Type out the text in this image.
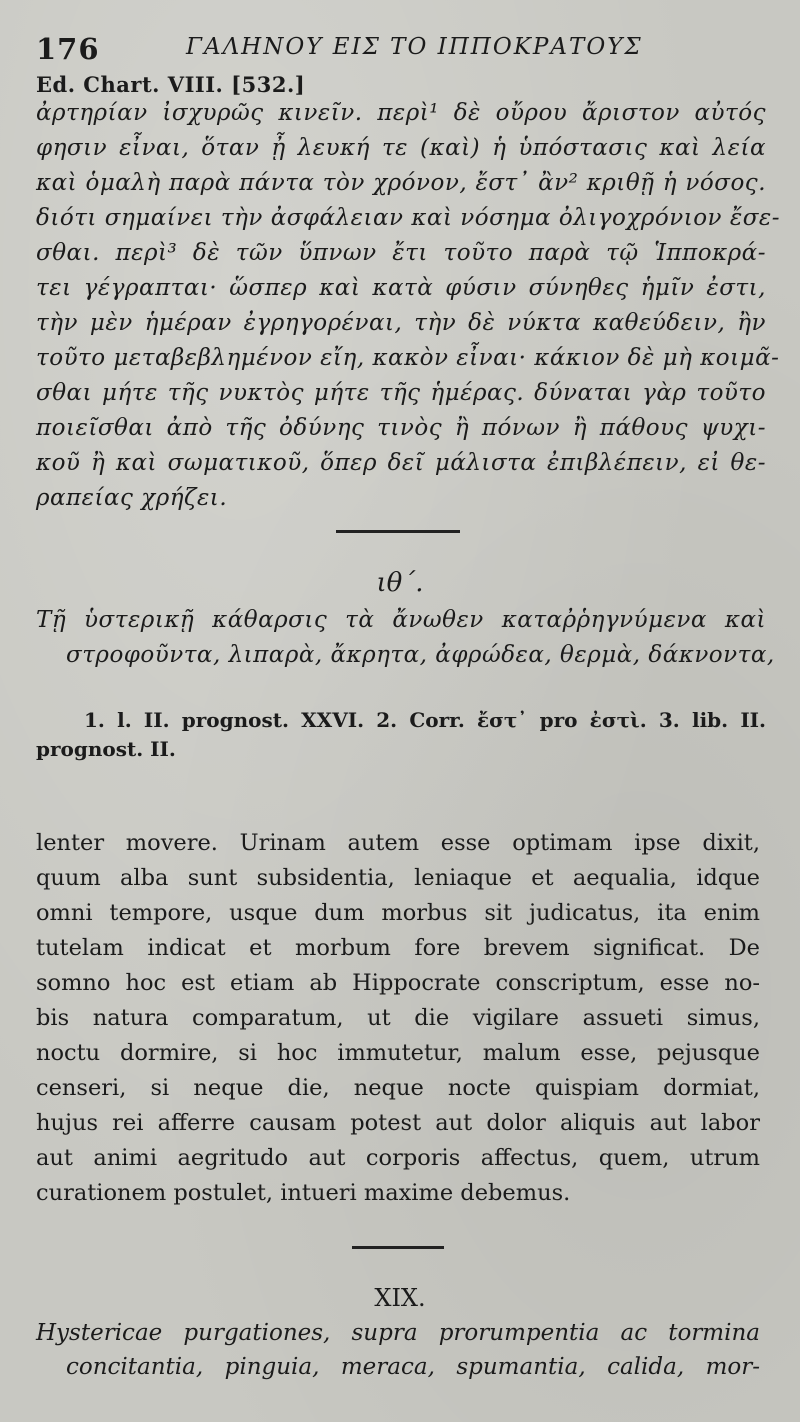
176	ΓΑΛΗΝΟΥ ΕΙΣ ΤΟ ΙΠΠΟΚΡΑΤΟΥΣ
Ed. Chart. VIII. [532.]
ἀρτηρίαν ἰσχυρῶς κινεῖν. περὶ¹ δὲ οὔρου ἄριστον αὐτός
φησιν εἶναι, ὅταν ᾖ λευκή τε (καὶ) ἡ ὑπόστασις καὶ λεία
καὶ ὁμαλὴ παρὰ πάντα τὸν χρόνον, ἔστ᾽ ἂν² κριθῇ ἡ νόσος.
διότι σημαίνει τὴν ἀσφάλειαν καὶ νόσημα ὀλιγοχρόνιον ἔσε-
σθαι. περὶ³ δὲ τῶν ὕπνων ἔτι τοῦτο παρὰ τῷ Ἱπποκρά-
τει γέγραπται· ὥσπερ καὶ κατὰ φύσιν σύνηθες ἡμῖν ἐστι,
τὴν μὲν ἡμέραν ἐγρηγορέναι, τὴν δὲ νύκτα καθεύδειν, ἢν
τοῦτο μεταβεβλημένον εἴη, κακὸν εἶναι· κάκιον δὲ μὴ κοιμᾶ-
σθαι μήτε τῆς νυκτὸς μήτε τῆς ἡμέρας. δύναται γὰρ τοῦτο
ποιεῖσθαι ἀπὸ τῆς ὀδύνης τινὸς ἢ πόνων ἢ πάθους ψυχι-
κοῦ ἢ καὶ σωματικοῦ, ὅπερ δεῖ μάλιστα ἐπιβλέπειν, εἰ θε-
ραπείας χρήζει.
ιθ΄.
Τῇ ὑστερικῇ κάθαρσις τὰ ἄνωθεν καταῤῥηγνύμενα καὶ
στροφοῦντα, λιπαρὰ, ἄκρητα, ἀφρώδεα, θερμὰ, δάκνοντα,
1. l. II. prognost. XXVI. 2. Corr. ἔστ᾽ pro ἐστὶ. 3. lib. II.
prognost. II.
lenter movere. Urinam autem esse optimam ipse dixit,
quum alba sunt subsidentia, leniaque et aequalia, idque
omni tempore, usque dum morbus sit judicatus, ita enim
tutelam indicat et morbum fore brevem significat. De
somno hoc est etiam ab Hippocrate conscriptum, esse no-
bis natura comparatum, ut die vigilare assueti simus,
noctu dormire, si hoc immutetur, malum esse, pejusque
censeri, si neque die, neque nocte quispiam dormiat,
hujus rei afferre causam potest aut dolor aliquis aut labor
aut animi aegritudo aut corporis affectus, quem, utrum
curationem postulet, intueri maxime debemus.
XIX.
Hystericae purgationes, supra prorumpentia ac tormina
concitantia, pinguia, meraca, spumantia, calida, mor-
